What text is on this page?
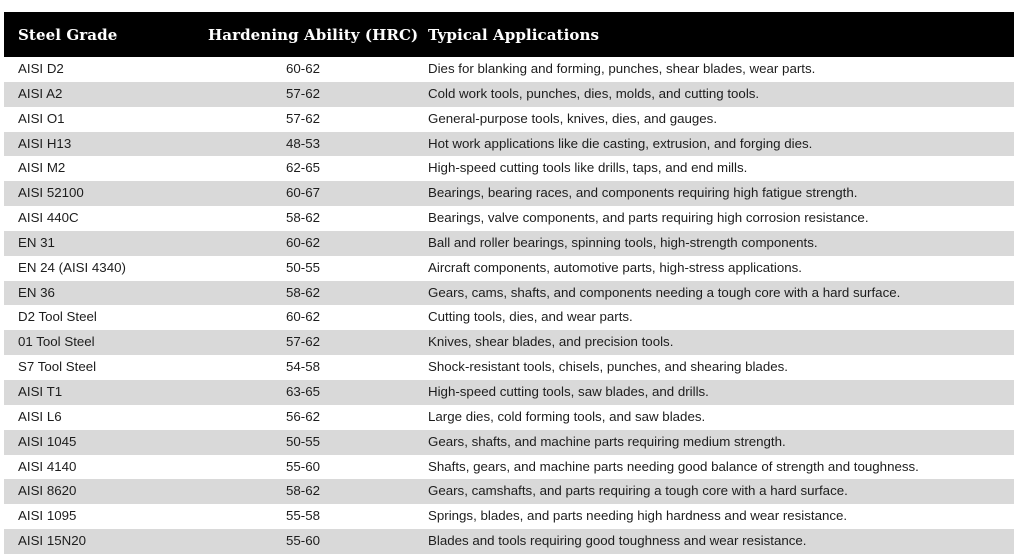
Steel Grade	Hardening Ability (HRC)	Typical Applications
AISI D2	60-62	Dies for blanking and forming, punches, shear blades, wear parts.
AISI A2	57-62	Cold work tools, punches, dies, molds, and cutting tools.
AISI O1	57-62	General-purpose tools, knives, dies, and gauges.
AISI H13	48-53	Hot work applications like die casting, extrusion, and forging dies.
AISI M2	62-65	High-speed cutting tools like drills, taps, and end mills.
AISI 52100	60-67	Bearings, bearing races, and components requiring high fatigue strength.
AISI 440C	58-62	Bearings, valve components, and parts requiring high corrosion resistance.
EN 31	60-62	Ball and roller bearings, spinning tools, high-strength components.
EN 24 (AISI 4340)	50-55	Aircraft components, automotive parts, high-stress applications.
EN 36	58-62	Gears, cams, shafts, and components needing a tough core with a hard surface.
D2 Tool Steel	60-62	Cutting tools, dies, and wear parts.
01 Tool Steel	57-62	Knives, shear blades, and precision tools.
S7 Tool Steel	54-58	Shock-resistant tools, chisels, punches, and shearing blades.
AISI T1	63-65	High-speed cutting tools, saw blades, and drills.
AISI L6	56-62	Large dies, cold forming tools, and saw blades.
AISI 1045	50-55	Gears, shafts, and machine parts requiring medium strength.
AISI 4140	55-60	Shafts, gears, and machine parts needing good balance of strength and toughness.
AISI 8620	58-62	Gears, camshafts, and parts requiring a tough core with a hard surface.
AISI 1095	55-58	Springs, blades, and parts needing high hardness and wear resistance.
AISI 15N20	55-60	Blades and tools requiring good toughness and wear resistance.
